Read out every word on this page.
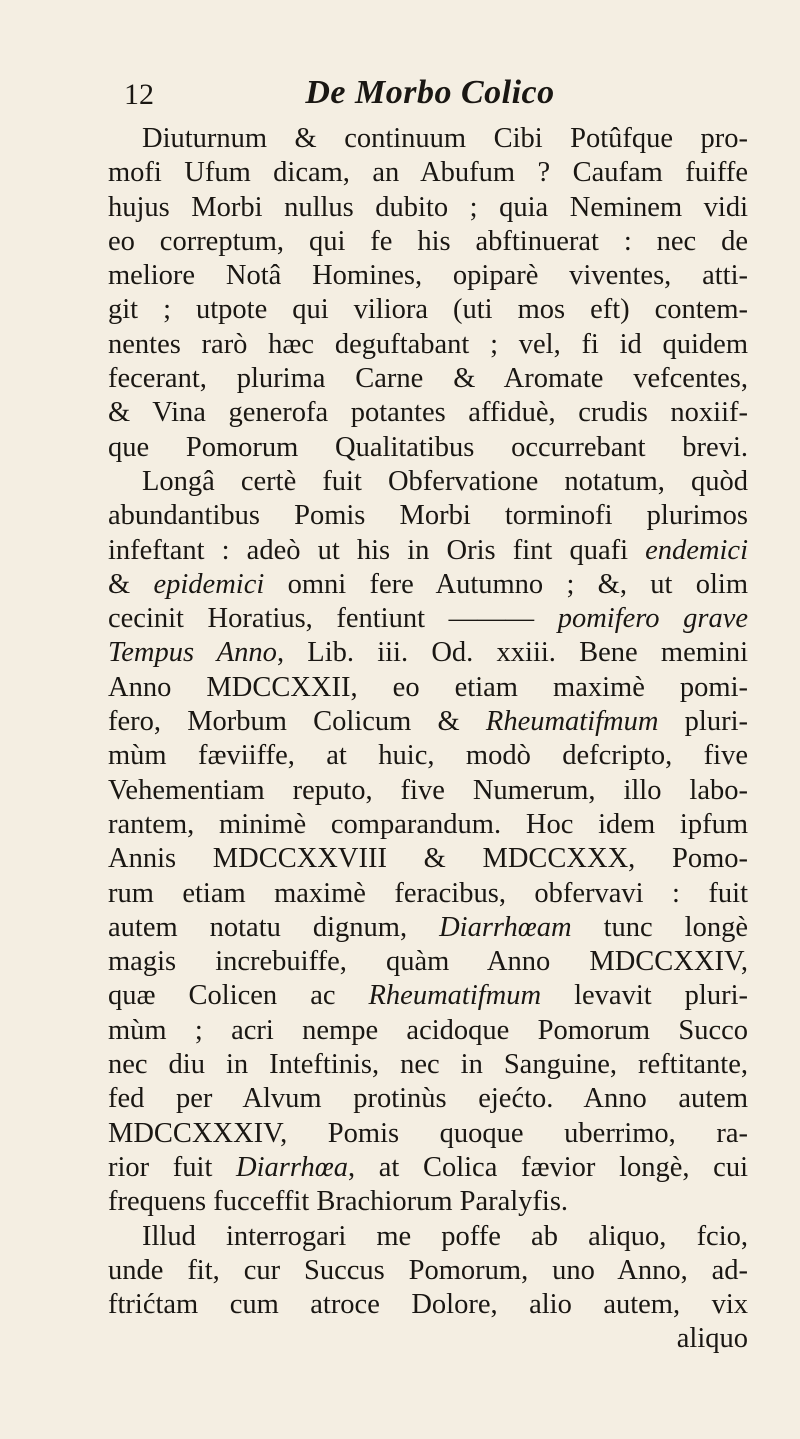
12	De Morbo Colico
Diuturnum & continuum Cibi Potûfque pro-
mofi Ufum dicam, an Abufum ? Caufam fuiffe
hujus Morbi nullus dubito ; quia Neminem vidi
eo correptum, qui fe his abftinuerat : nec de
meliore Notâ Homines, opiparè viventes, atti-
git ; utpote qui viliora (uti mos eft) contem-
nentes rarò hæc deguftabant ; vel, fi id quidem
fecerant, plurima Carne & Aromate vefcentes,
& Vina generofa potantes affiduè, crudis noxiif-
que Pomorum Qualitatibus occurrebant brevi.
Longâ certè fuit Obfervatione notatum, quòd
abundantibus Pomis Morbi torminofi plurimos
infeftant : adeò ut his in Oris fint quafi endemici
& epidemici omni fere Autumno ; &, ut olim
cecinit Horatius, fentiunt ——— pomifero grave
Tempus Anno, Lib. iii. Od. xxiii. Bene memini
Anno MDCCXXII, eo etiam maximè pomi-
fero, Morbum Colicum & Rheumatifmum pluri-
mùm fæviiffe, at huic, modò defcripto, five
Vehementiam reputo, five Numerum, illo labo-
rantem, minimè comparandum. Hoc idem ipfum
Annis MDCCXXVIII & MDCCXXX, Pomo-
rum etiam maximè feracibus, obfervavi : fuit
autem notatu dignum, Diarrhœam tunc longè
magis increbuiffe, quàm Anno MDCCXXIV,
quæ Colicen ac Rheumatifmum levavit pluri-
mùm ; acri nempe acidoque Pomorum Succo
nec diu in Inteftinis, nec in Sanguine, reftitante,
fed per Alvum protinùs ejećto. Anno autem
MDCCXXXIV, Pomis quoque uberrimo, ra-
rior fuit Diarrhœa, at Colica fævior longè, cui
frequens fucceffit Brachiorum Paralyfis.
Illud interrogari me poffe ab aliquo, fcio,
unde fit, cur Succus Pomorum, uno Anno, ad-
ftrićtam cum atroce Dolore, alio autem, vix
aliquo
